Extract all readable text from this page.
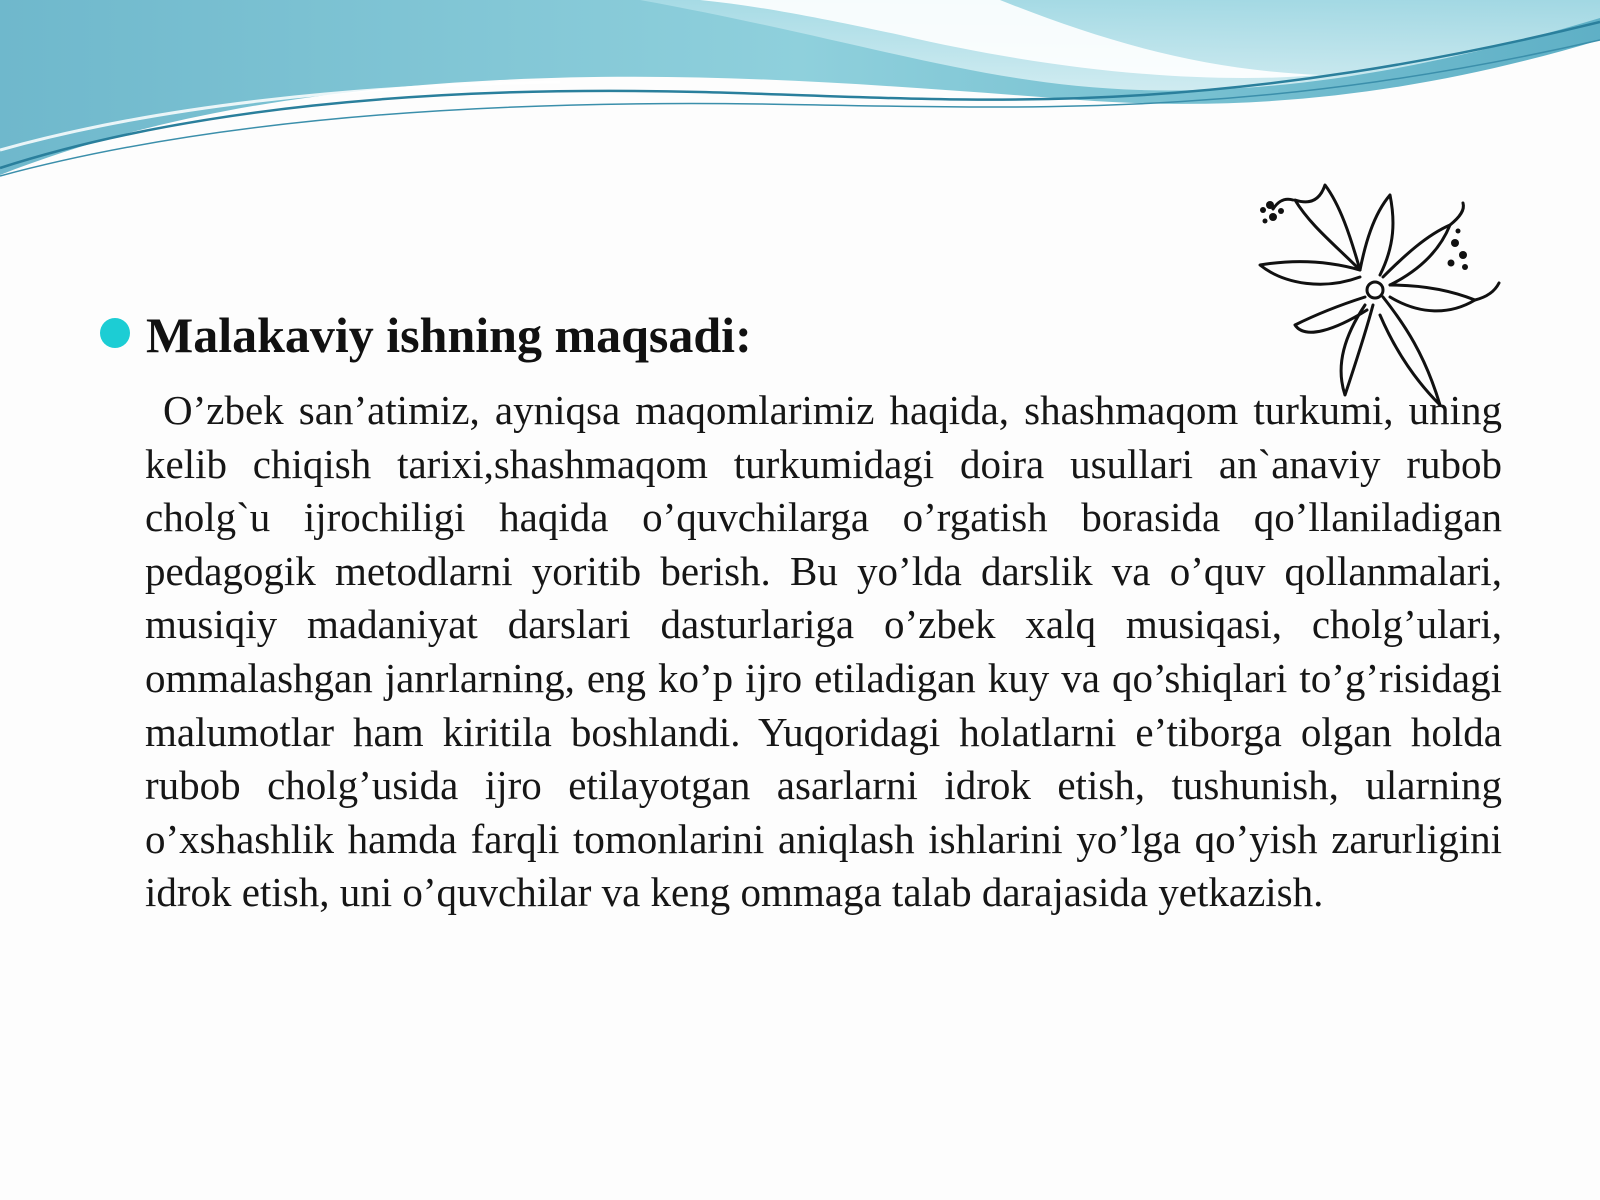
Malakaviy ishning maqsadi:

O’zbek san’atimiz, ayniqsa maqomlarimiz haqida, shashmaqom turkumi, uning kelib chiqish tarixi,shashmaqom turkumidagi doira usullari an`anaviy rubob cholg`u ijrochiligi haqida o’quvchilarga o’rgatish borasida qo’llaniladigan pedagogik metodlarni yoritib berish. Bu yo’lda darslik va o’quv qollanmalari, musiqiy madaniyat darslari dasturlariga o’zbek xalq musiqasi, cholg’ulari, ommalashgan janrlarning, eng ko’p ijro etiladigan kuy va qo’shiqlari to’g’risidagi malumotlar ham kiritila boshlandi. Yuqoridagi holatlarni e’tiborga olgan holda rubob cholg’usida ijro etilayotgan asarlarni idrok etish, tushunish, ularning o’xshashlik hamda farqli tomonlarini aniqlash ishlarini yo’lga qo’yish zarurligini idrok etish, uni o’quvchilar va keng ommaga talab darajasida yetkazish.
